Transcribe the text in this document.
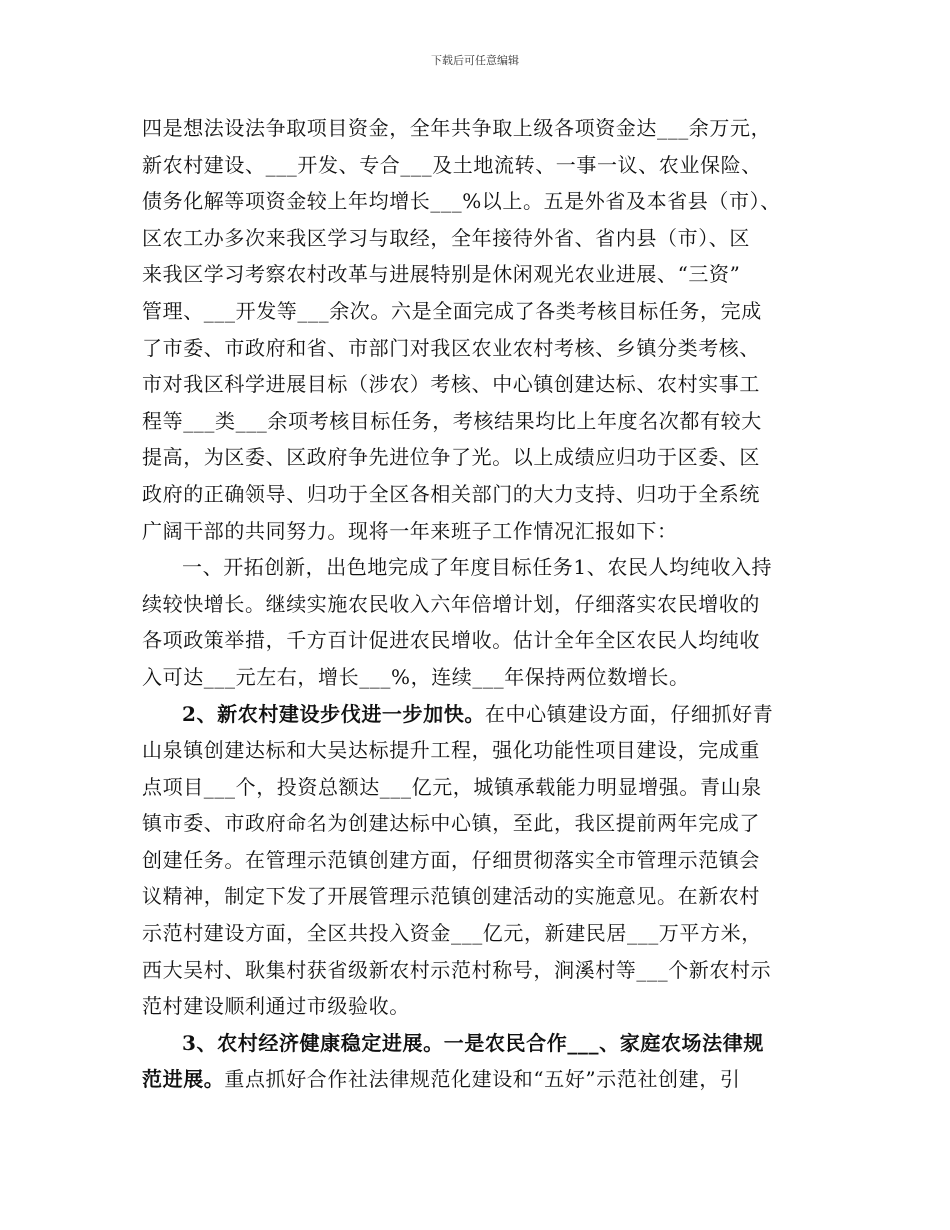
下载后可任意编辑
四是想法设法争取项目资金，全年共争取上级各项资金达___余万元，
新农村建设、___开发、专合___及土地流转、一事一议、农业保险、
债务化解等项资金较上年均增长___%以上。五是外省及本省县（市）、
区农工办多次来我区学习与取经，全年接待外省、省内县（市）、区
来我区学习考察农村改革与进展特别是休闲观光农业进展、“三资”
管理、___开发等___余次。六是全面完成了各类考核目标任务，完成
了市委、市政府和省、市部门对我区农业农村考核、乡镇分类考核、
市对我区科学进展目标（涉农）考核、中心镇创建达标、农村实事工
程等___类___余项考核目标任务，考核结果均比上年度名次都有较大
提高，为区委、区政府争先进位争了光。以上成绩应归功于区委、区
政府的正确领导、归功于全区各相关部门的大力支持、归功于全系统
广阔干部的共同努力。现将一年来班子工作情况汇报如下：
一、开拓创新，出色地完成了年度目标任务1、农民人均纯收入持
续较快增长。继续实施农民收入六年倍增计划，仔细落实农民增收的
各项政策举措，千方百计促进农民增收。估计全年全区农民人均纯收
入可达___元左右，增长___%，连续___年保持两位数增长。
2、新农村建设步伐进一步加快。在中心镇建设方面，仔细抓好青
山泉镇创建达标和大吴达标提升工程，强化功能性项目建设，完成重
点项目___个，投资总额达___亿元，城镇承载能力明显增强。青山泉
镇市委、市政府命名为创建达标中心镇，至此，我区提前两年完成了
创建任务。在管理示范镇创建方面，仔细贯彻落实全市管理示范镇会
议精神，制定下发了开展管理示范镇创建活动的实施意见。在新农村
示范村建设方面，全区共投入资金___亿元，新建民居___万平方米，
西大吴村、耿集村获省级新农村示范村称号，涧溪村等___个新农村示
范村建设顺利通过市级验收。
3、农村经济健康稳定进展。一是农民合作___、家庭农场法律规
范进展。重点抓好合作社法律规范化建设和“五好”示范社创建，引
